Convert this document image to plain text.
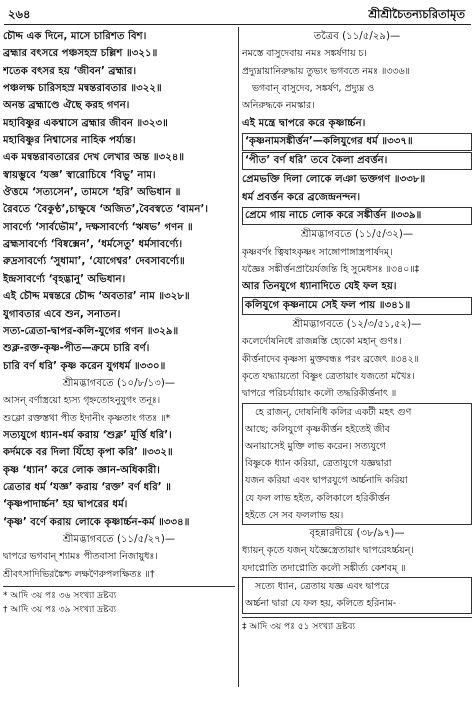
২৬৪	শ্রীশ্রীচৈতন্যচরিতামৃত
চৌদ্দ এক দিনে, মাসে চারিশত বিশ।
ব্রহ্মার বৎসরে পঞ্চসহস্র চল্লিশ ॥৩২১॥
শতেক বৎসর হয় ‘জীবন’ ব্রহ্মার।
পঞ্চলক্ষ চারিসহস্র মন্বন্তরাবতার ॥৩২২॥
অনন্ত ব্রহ্মাণ্ডে ঐছে করহ গণন।
মহাবিষ্ণুর একশ্বাসে ব্রহ্মার জীবন ॥৩২৩॥
মহাবিষ্ণুর নিশ্বাসের নাহিক পর্য্যন্ত।
এক মন্বন্তরাবতারের দেখ লেখার অন্ত ॥৩২৪॥
স্বায়ম্ভুবে ‘যজ্ঞ’ স্বারোচিষে ‘বিভু’ নাম।
ঔত্তমে ‘সত্যসেন’, তামসে ‘হরি’ অভিধান ॥
রৈবতে ‘বৈকুণ্ঠ’,চাক্ষুষে ‘অজিত’,বৈবস্বতে ‘বামন’।
সাবর্ণ্যে ‘সার্বভৌম’, দক্ষসাবর্ণ্যে ‘ঋষভ’ গণন ॥
ব্রহ্মসাবর্ণ্যে ‘বিষ্বক্সেন’, ‘ধর্মসেতু’ ধর্মসাবর্ণ্যে।
রুদ্রসাবর্ণ্যে ‘সুধামা’, ‘যোগেশ্বর’ দেবসাবর্ণ্যে॥
ইন্দ্রসাবর্ণ্যে ‘বৃহদ্ভানু’ অভিধান।
এই চৌদ্দ মন্বন্তরে চৌদ্দ ‘অবতার’ নাম ॥৩২৮॥
যুগাবতার এবে শুন, সনাতন।
সত্য-ত্রেতা-দ্বাপর-কলি-যুগের গণন ॥৩২৯॥
শুক্ল-রক্ত-কৃষ্ণ-পীত—ক্রমে চারি বর্ণ।
চারি বর্ণ ধরি’ কৃষ্ণ করেন যুগধর্ম ॥৩৩০॥
শ্রীমদ্ভাগবতে (১০/৮/১৩)—
আসন্ বর্ণাস্ত্রয়ো হ্যস্য গৃহ্নতোঽনুযুগং তনূঃ।
শুক্লো রক্তস্তথা পীত ইদানীং কৃষ্ণতাং গতঃ ॥*
সত্যযুগে ধ্যান-ধর্ম করায় ‘শুক্ল’ মূর্ত্তি ধরি’।
কর্দমকে বর দিলা যিঁহো কৃপা করি’ ॥৩৩২॥
কৃষ্ণ ‘ধ্যান’ করে লোক জ্ঞান-অধিকারী।
ত্রেতার ধর্ম ‘যজ্ঞ’ করায় ‘রক্ত’ বর্ণ ধরি’ ॥
‘কৃষ্ণপাদার্চ্চন’ হয় দ্বাপরের ধর্ম।
‘কৃষ্ণ’ বর্ণে করায় লোকে কৃষ্ণার্চ্চন-কর্ম ॥৩৩৪॥
শ্রীমদ্ভাগবতে (১১/৫/২৭)—
দ্বাপরে ভগবান্ শ্যামঃ পীতবাসা নিজায়ুধঃ।
শ্রীবৎসাদিভিরঙ্কৈশ্চ লক্ষণৈরুপলক্ষিতঃ ॥†
* আদি ৩য় পঃ ৩৬ সংখ্যা দ্রষ্টব্য
† আদি ৩য় পঃ ৩৯ সংখ্যা দ্রষ্টব্য
তত্রৈব (১১/৫/২৯)—
নমস্তে বাসুদেবায় নমঃ সঙ্কর্ষণায় চ।
প্রদ্যুম্নায়ানিরুদ্ধায় তুভ্যং ভগবতে নমঃ ॥৩৩৬॥
ভগবান্ বাসুদেব, সঙ্কর্ষণ, প্রদ্যুম্ন ও
অনিরুদ্ধকে নমস্কার।
এই মন্ত্রে দ্বাপরে করে কৃষ্ণার্চ্চন।
‘কৃষ্ণনামসঙ্কীর্ত্তন’—কলিযুগের ধর্ম ॥৩৩৭॥
‘পীত’ বর্ণ ধরি’ তবে কৈলা প্রবর্ত্তন।
প্রেমভক্তি দিলা লোকে লঞা ভক্তগণ ॥৩৩৮॥
ধর্ম প্রবর্ত্তন করে ব্রজেন্দ্রনন্দন।
প্রেমে গায় নাচে লোক করে সঙ্কীর্ত্তন ॥৩৩৯॥
শ্রীমদ্ভাগবতে (১১/৫/৩২)—
কৃষ্ণবর্ণং ত্বিষাঽকৃষ্ণং সাঙ্গোপাঙ্গাস্ত্রপার্ষদম্।
যজ্ঞৈঃ সঙ্কীর্ত্তনপ্রায়ৈর্যজন্তি হি সুমেধসঃ ॥৩৪০॥‡
আর তিনযুগে ধ্যানাদিতে যেই ফল হয়।
কলিযুগে কৃষ্ণনামে সেই ফল পায় ॥৩৪১॥
শ্রীমদ্ভাগবতে (১২/৩/৫১,৫২)—
কলের্দোষনিধে রাজন্নস্তি হ্যেকো মহান্ গুণঃ।
কীর্ত্তনাদেব কৃষ্ণস্য মুক্তবন্ধঃ পরং ব্রজেৎ ॥৩৪২॥
কৃতে যদ্ধ্যায়তো বিষ্ণুং ত্রেতায়াং যজতো মখৈঃ।
দ্বাপরে পরিচর্য্যায়াং কলৌ তদ্ধরিকীর্ত্তনাৎ ॥
হে রাজন্, দোষনিধি কলির একটী মহৎ গুণ
আছে; কলিযুগে কৃষ্ণকীর্ত্তন হইতেই জীব
অনায়াসেই মুক্তি লাভ করেন। সত্যযুগে
বিষ্ণুকে ধ্যান করিয়া, ত্রেতাযুগে যজ্ঞদ্বারা
যজন করিয়া এবং দ্বাপরযুগে অর্চ্চনাদি করিয়া
যে ফল লাভ হইত, কলিকালে হরিকীর্ত্তন
হইতে সে সব ফললাভ হয়।
বৃহন্নারদীয়ে (৩৮/৯৭)—
ধ্যায়ন্ কৃতে যজন্ যজ্ঞৈস্ত্রেতায়াং দ্বাপরেঽর্চ্চয়ন্।
যদাপ্নোতি তদাপ্নোতি কলৌ সঙ্কীর্ত্য কেশবম্ ॥
সত্যে ধ্যান, ত্রেতায় যজ্ঞ এবং দ্বাপরে
অর্চ্চনা দ্বারা যে ফল হয়, কলিতে হরিনাম-
‡ আদি ৩য় পঃ ৫১ সংখ্যা দ্রষ্টব্য
